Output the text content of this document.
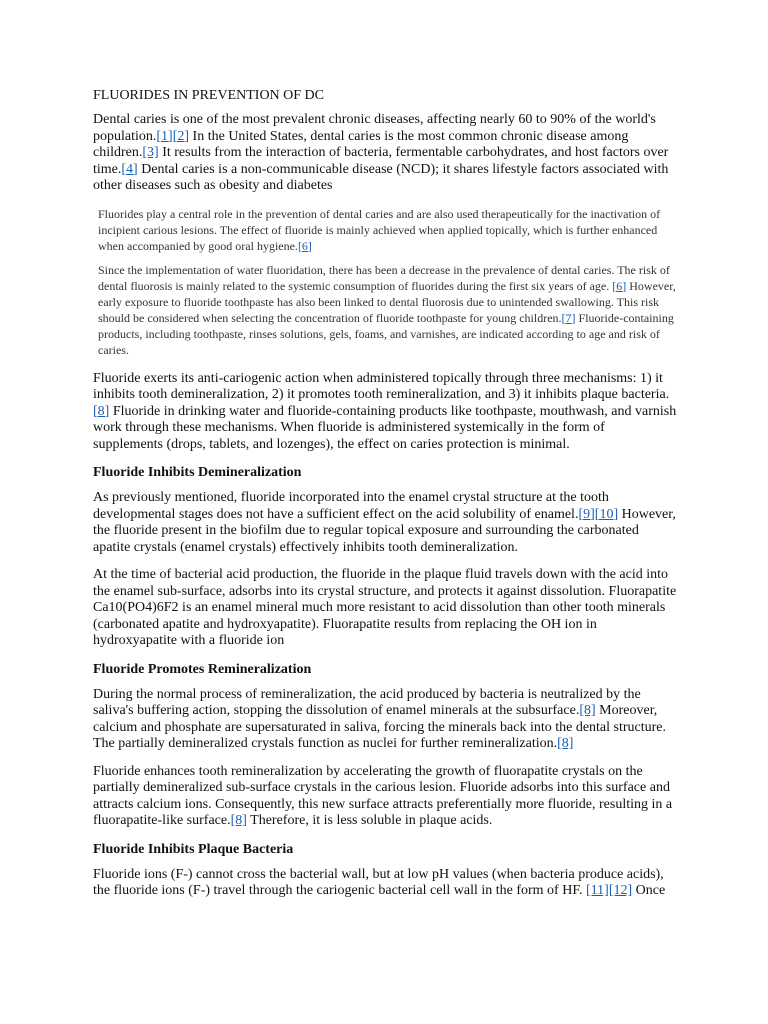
FLUORIDES IN PREVENTION OF DC

Dental caries is one of the most prevalent chronic diseases, affecting nearly 60 to 90% of the world's population.[1][2] In the United States, dental caries is the most common chronic disease among children.[3] It results from the interaction of bacteria, fermentable carbohydrates, and host factors over time.[4] Dental caries is a non-communicable disease (NCD); it shares lifestyle factors associated with other diseases such as obesity and diabetes

Fluorides play a central role in the prevention of dental caries and are also used therapeutically for the inactivation of incipient carious lesions. The effect of fluoride is mainly achieved when applied topically, which is further enhanced when accompanied by good oral hygiene.[6]

Since the implementation of water fluoridation, there has been a decrease in the prevalence of dental caries. The risk of dental fluorosis is mainly related to the systemic consumption of fluorides during the first six years of age. [6] However, early exposure to fluoride toothpaste has also been linked to dental fluorosis due to unintended swallowing. This risk should be considered when selecting the concentration of fluoride toothpaste for young children.[7] Fluoride-containing products, including toothpaste, rinses solutions, gels, foams, and varnishes, are indicated according to age and risk of caries.

Fluoride exerts its anti-cariogenic action when administered topically through three mechanisms: 1) it inhibits tooth demineralization, 2) it promotes tooth remineralization, and 3) it inhibits plaque bacteria.[8] Fluoride in drinking water and fluoride-containing products like toothpaste, mouthwash, and varnish work through these mechanisms. When fluoride is administered systemically in the form of supplements (drops, tablets, and lozenges), the effect on caries protection is minimal.

Fluoride Inhibits Demineralization

As previously mentioned, fluoride incorporated into the enamel crystal structure at the tooth developmental stages does not have a sufficient effect on the acid solubility of enamel.[9][10] However, the fluoride present in the biofilm due to regular topical exposure and surrounding the carbonated apatite crystals (enamel crystals) effectively inhibits tooth demineralization.

At the time of bacterial acid production, the fluoride in the plaque fluid travels down with the acid into the enamel sub-surface, adsorbs into its crystal structure, and protects it against dissolution. Fluorapatite Ca10(PO4)6F2 is an enamel mineral much more resistant to acid dissolution than other tooth minerals (carbonated apatite and hydroxyapatite). Fluorapatite results from replacing the OH ion in hydroxyapatite with a fluoride ion

Fluoride Promotes Remineralization

During the normal process of remineralization, the acid produced by bacteria is neutralized by the saliva's buffering action, stopping the dissolution of enamel minerals at the subsurface.[8] Moreover, calcium and phosphate are supersaturated in saliva, forcing the minerals back into the dental structure. The partially demineralized crystals function as nuclei for further remineralization.[8]

Fluoride enhances tooth remineralization by accelerating the growth of fluorapatite crystals on the partially demineralized sub-surface crystals in the carious lesion. Fluoride adsorbs into this surface and attracts calcium ions. Consequently, this new surface attracts preferentially more fluoride, resulting in a fluorapatite-like surface.[8] Therefore, it is less soluble in plaque acids.

Fluoride Inhibits Plaque Bacteria

Fluoride ions (F-) cannot cross the bacterial wall, but at low pH values (when bacteria produce acids), the fluoride ions (F-) travel through the cariogenic bacterial cell wall in the form of HF. [11][12] Once
